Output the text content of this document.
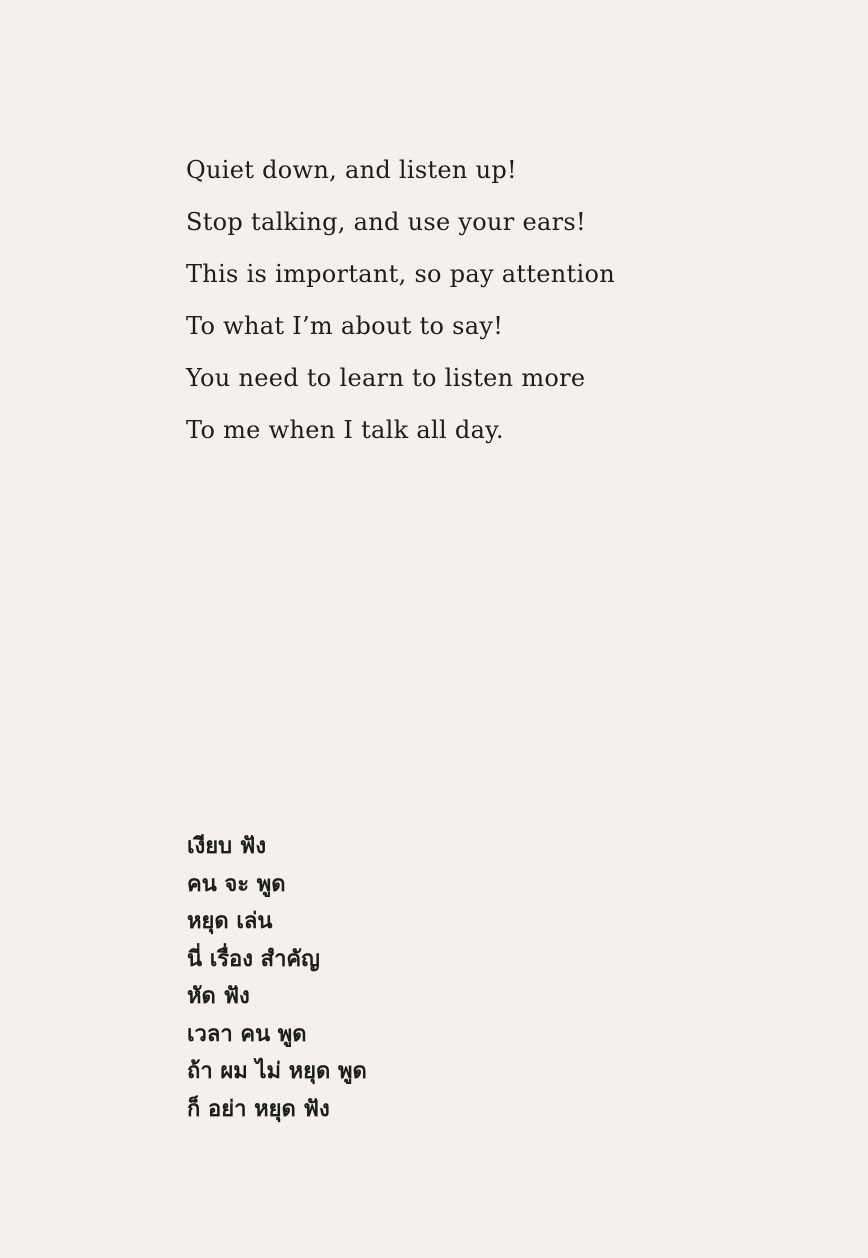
Quiet down, and listen up!
Stop talking, and use your ears!
This is important, so pay attention
To what I’m about to say!
You need to learn to listen more
To me when I talk all day.
เงียบ ฟัง
คน จะ พูด
หยุด เล่น
นี่ เรื่อง สำคัญ
หัด ฟัง
เวลา คน พูด
ถ้า ผม ไม่ หยุด พูด
ก็ อย่า หยุด ฟัง
